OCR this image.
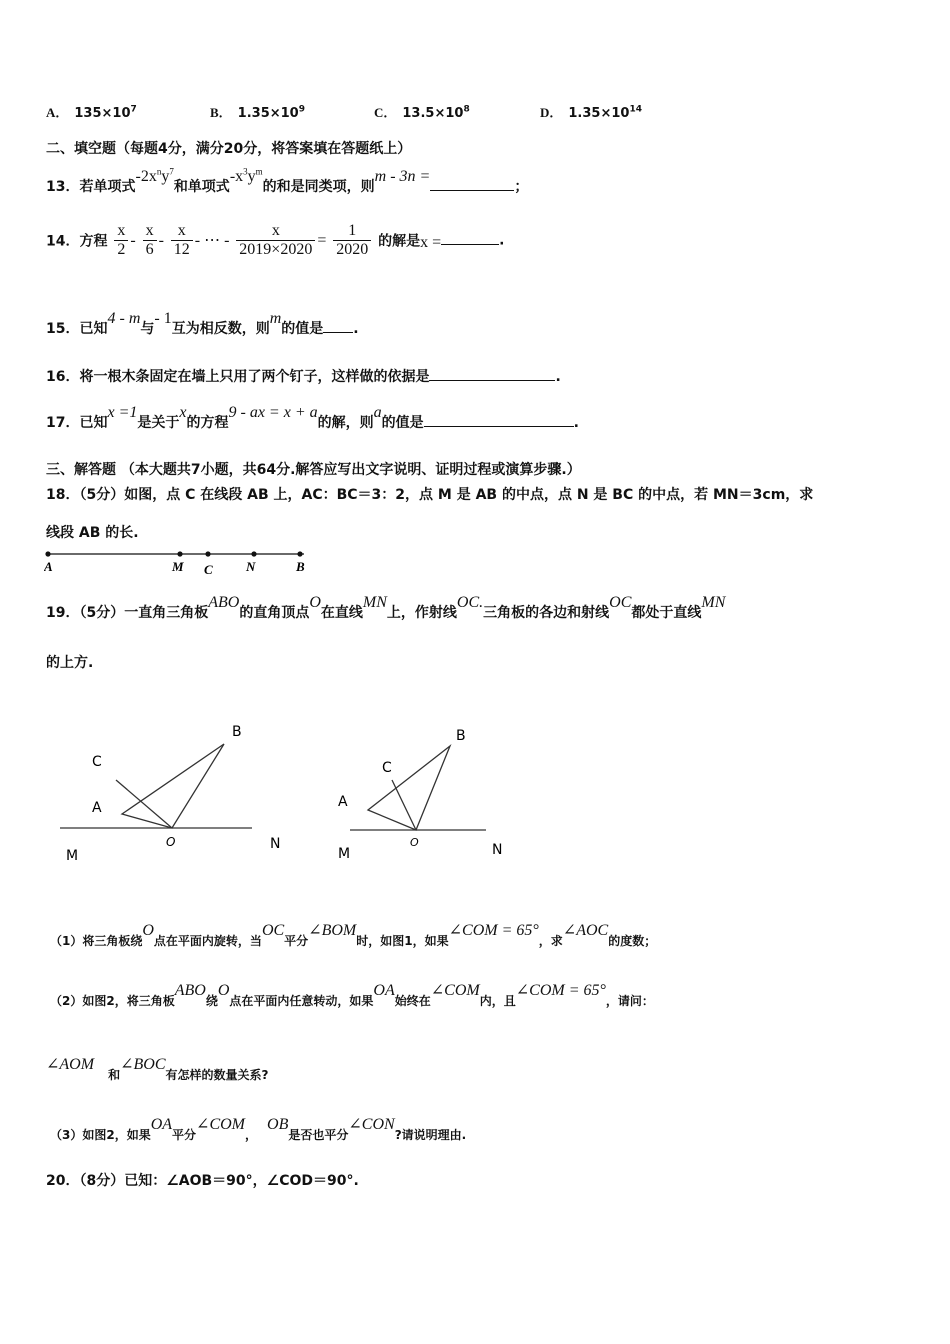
A． $135\times 10^7$	B． $1.35\times 10^9$	C． $13.5\times 10^8$	D． $1.35\times 10^{14}$
二、填空题（每题4分，满分20分，将答案填在答题纸上）
13．若单项式$-2x^ny^7$和单项式$-x^3y^m$的和是同类项，则m - 3n =；
14．方程 $\frac{x}{2} - \frac{x}{6} - \frac{x}{12}$ - ⋯ - $\frac{x}{2019\times 2020} = \frac{1}{2020}$ 的解是x =	.
15．已知4 - m与- 1互为相反数，则m的值是 .
16．将一根木条固定在墙上只用了两个钉子，这样做的依据是	.
17．已知x =1是关于x的方程9 - ax = x + a的解，则a的值是	.
三、解答题 （本大题共7小题，共64分.解答应写出文字说明、证明过程或演算步骤.）
18．（5分）如图，点 C 在线段 AB 上，AC：BC＝3：2，点 M 是 AB 的中点，点 N 是 BC 的中点，若 MN＝3cm，求
线段 AB 的长.
A	M C	N	B
19．（5分）一直角三角板ABO的直角顶点O在直线MN上，作射线OC.三角板的各边和射线OC都处于直线MN
的上方.
C
A
B
O
M
N
C
A
B
O
M	N
（1）将三角板绕O点在平面内旋转，当OC平分∠BOM时，如图1，如果∠COM = 65°，求∠AOC的度数；
（2）如图2，将三角板ABO绕O点在平面内任意转动，如果OA始终在∠COM内，且∠COM = 65°，请问：
∠AOM和∠BOC有怎样的数量关系?
（3）如图2，如果OA平分∠COM，OB是否也平分∠CON?请说明理由.
20．（8分）已知：∠AOB＝90°，∠COD＝90°.
